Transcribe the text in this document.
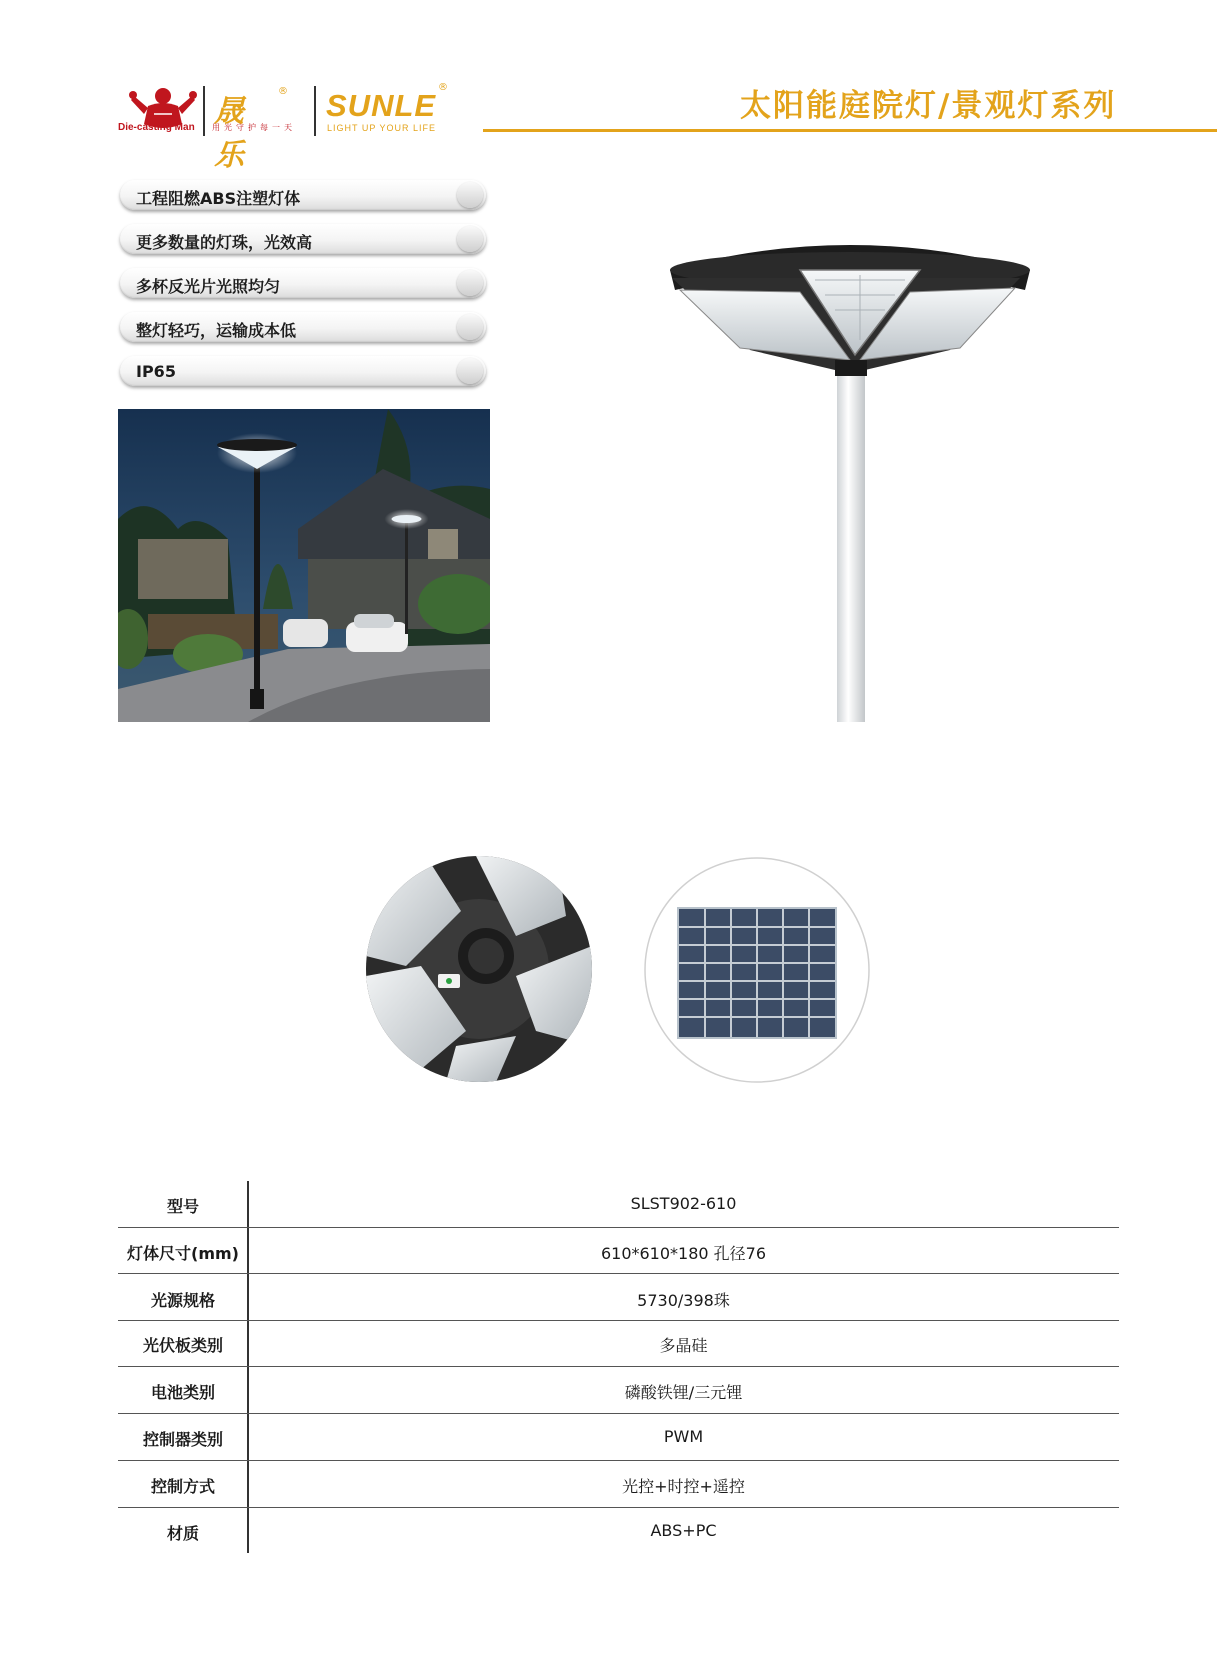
Die-casting Man 晟乐
®
用光守护每一天
SUNLE
®
LIGHT UP YOUR LIFE
太阳能庭院灯/景观灯系列
工程阻燃ABS注塑灯体
更多数量的灯珠，光效高
多杯反光片光照均匀
整灯轻巧，运输成本低
IP65
型号	SLST902-610
灯体尺寸(mm)	610*610*180 孔径76
光源规格	5730/398珠
光伏板类别	多晶硅
电池类别	磷酸铁锂/三元锂
控制器类别	PWM
控制方式	光控+时控+遥控
材质	ABS+PC
